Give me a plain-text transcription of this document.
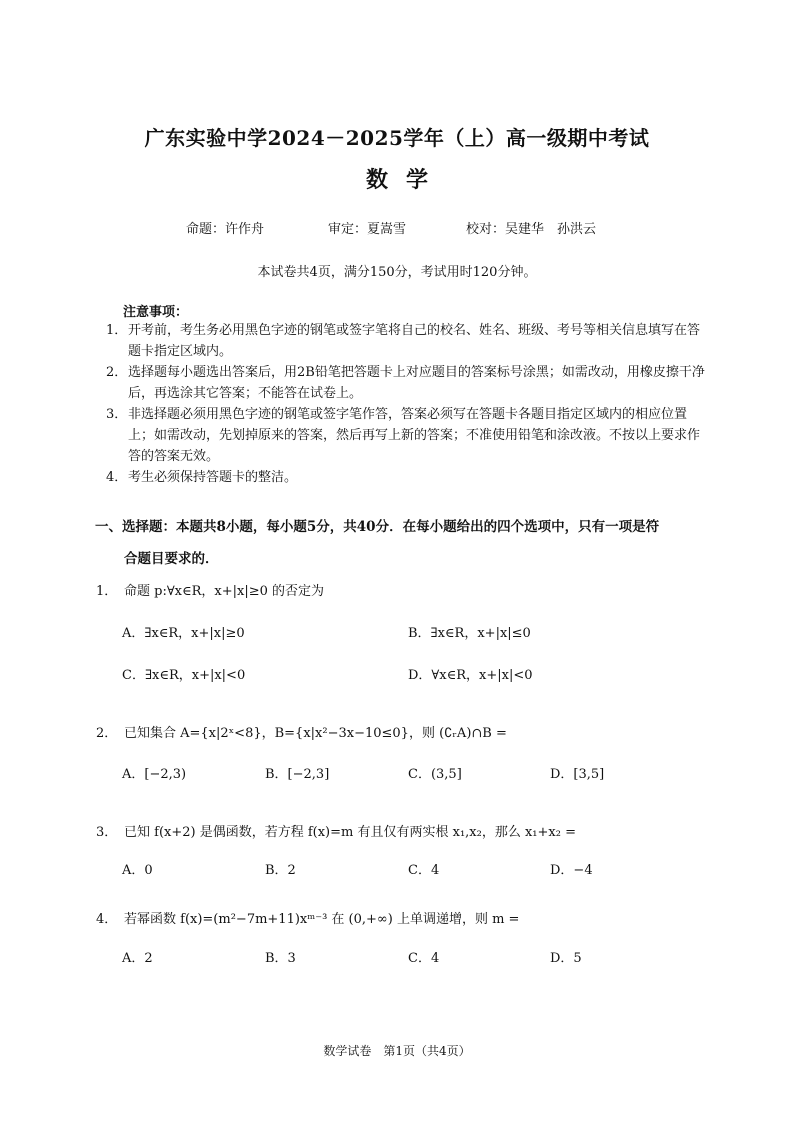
广东实验中学2024－2025学年（上）高一级期中考试
数学
命题：许作舟	审定：夏嵩雪	校对：吴建华　孙洪云
本试卷共4页，满分150分，考试用时120分钟。
注意事项：
1． 开考前，考生务必用黑色字迹的钢笔或签字笔将自己的校名、姓名、班级、考号等相关信息填写在答题卡指定区域内。
2． 选择题每小题选出答案后，用2B铅笔把答题卡上对应题目的答案标号涂黑；如需改动，用橡皮擦干净后，再选涂其它答案；不能答在试卷上。
3． 非选择题必须用黑色字迹的钢笔或签字笔作答，答案必须写在答题卡各题目指定区域内的相应位置上；如需改动，先划掉原来的答案，然后再写上新的答案；不准使用铅笔和涂改液。不按以上要求作答的答案无效。
4． 考生必须保持答题卡的整洁。
一、选择题：本题共8小题，每小题5分，共40分．在每小题给出的四个选项中，只有一项是符
合题目要求的．
1． 命题 p:∀x∈R，x+|x|≥0 的否定为
A．∃x∈R，x+|x|≥0	B．∃x∈R，x+|x|≤0
C．∃x∈R，x+|x|<0	D．∀x∈R，x+|x|<0
2． 已知集合 A={x|2ˣ<8}，B={x|x²−3x−10≤0}，则 (∁ᵣA)∩B =
A．[−2,3)	B．[−2,3]	C．(3,5]	D．[3,5]
3． 已知 f(x+2) 是偶函数，若方程 f(x)=m 有且仅有两实根 x₁,x₂，那么 x₁+x₂ =
A．0	B．2	C．4	D．−4
4． 若幂函数 f(x)=(m²−7m+11)xᵐ⁻³ 在 (0,+∞) 上单调递增，则 m =
A．2	B．3	C．4	D．5
数学试卷　第1页（共4页）
